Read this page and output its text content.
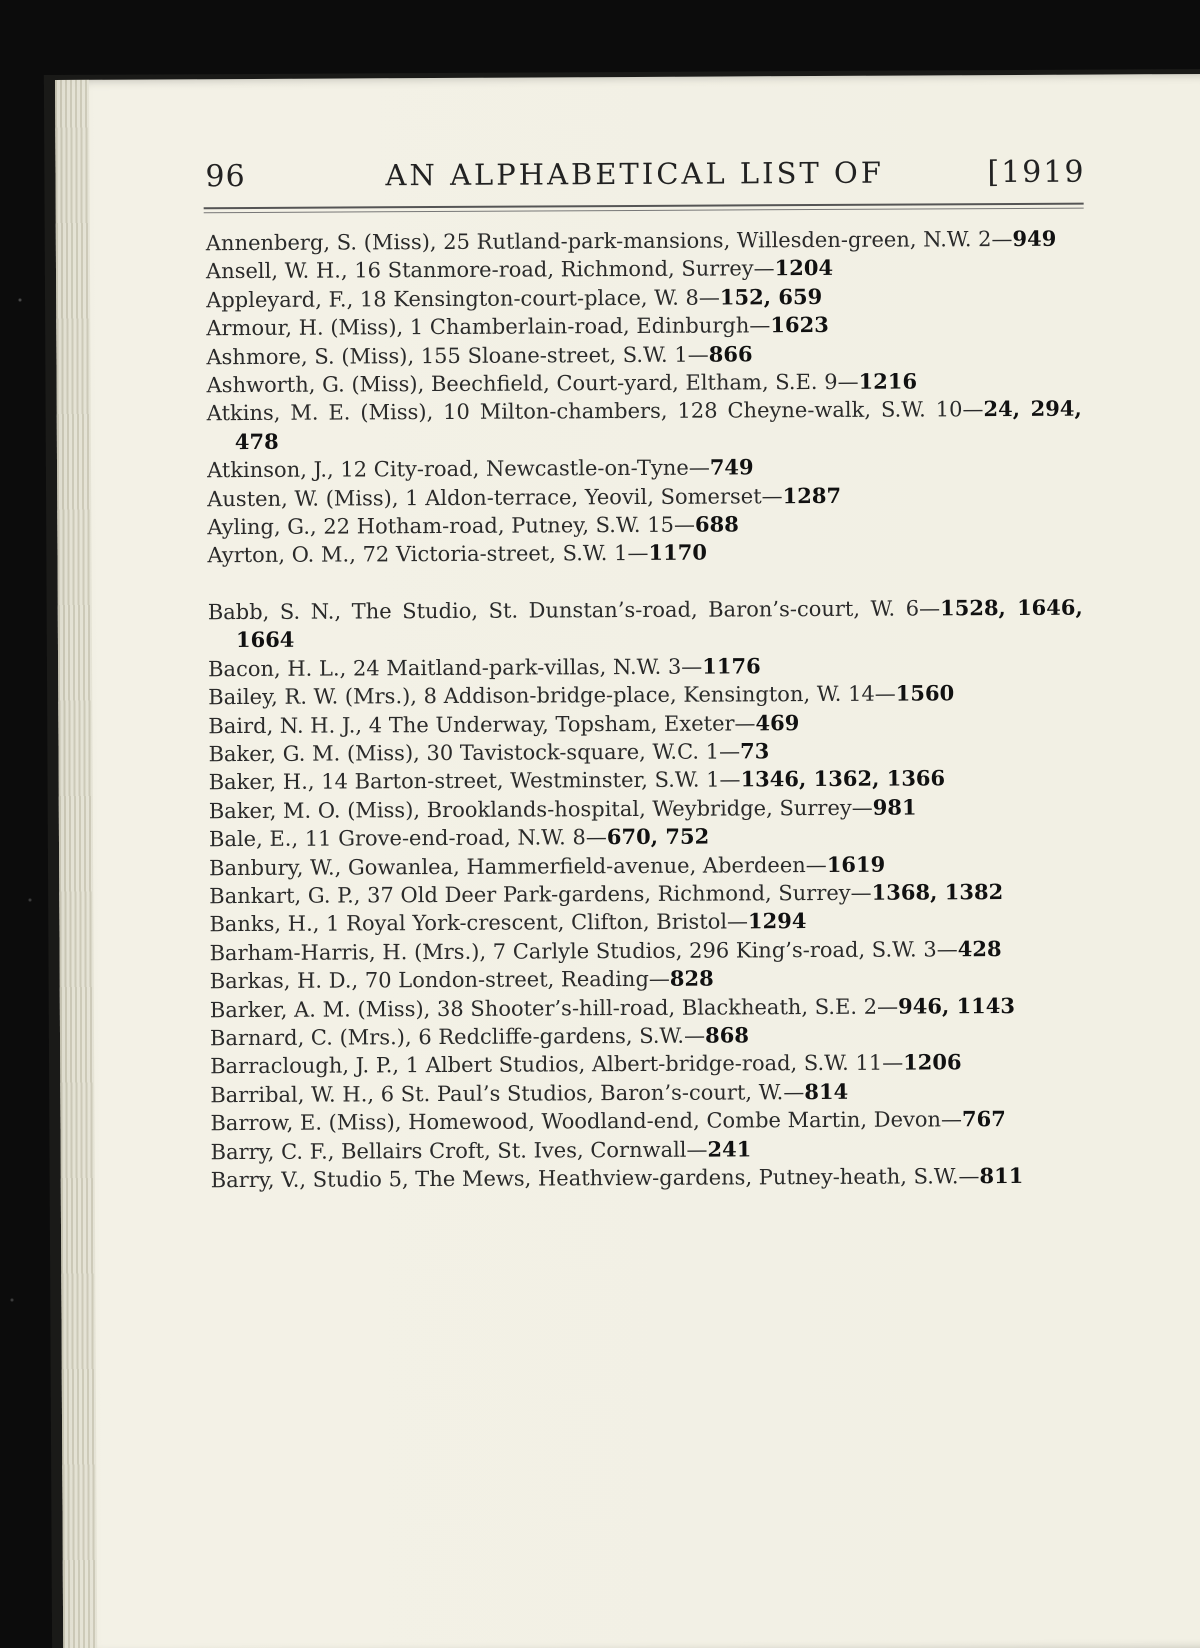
96	AN ALPHABETICAL LIST OF	[1919
Annenberg, S. (Miss), 25 Rutland-park-mansions, Willesden-green, N.W. 2—949
Ansell, W. H., 16 Stanmore-road, Richmond, Surrey—1204
Appleyard, F., 18 Kensington-court-place, W. 8—152, 659
Armour, H. (Miss), 1 Chamberlain-road, Edinburgh—1623
Ashmore, S. (Miss), 155 Sloane-street, S.W. 1—866
Ashworth, G. (Miss), Beechfield, Court-yard, Eltham, S.E. 9—1216
Atkins, M. E. (Miss), 10 Milton-chambers, 128 Cheyne-walk, S.W. 10—24, 294, 478
Atkinson, J., 12 City-road, Newcastle-on-Tyne—749
Austen, W. (Miss), 1 Aldon-terrace, Yeovil, Somerset—1287
Ayling, G., 22 Hotham-road, Putney, S.W. 15—688
Ayrton, O. M., 72 Victoria-street, S.W. 1—1170
Babb, S. N., The Studio, St. Dunstan’s-road, Baron’s-court, W. 6—1528, 1646, 1664
Bacon, H. L., 24 Maitland-park-villas, N.W. 3—1176
Bailey, R. W. (Mrs.), 8 Addison-bridge-place, Kensington, W. 14—1560
Baird, N. H. J., 4 The Underway, Topsham, Exeter—469
Baker, G. M. (Miss), 30 Tavistock-square, W.C. 1—73
Baker, H., 14 Barton-street, Westminster, S.W. 1—1346, 1362, 1366
Baker, M. O. (Miss), Brooklands-hospital, Weybridge, Surrey—981
Bale, E., 11 Grove-end-road, N.W. 8—670, 752
Banbury, W., Gowanlea, Hammerfield-avenue, Aberdeen—1619
Bankart, G. P., 37 Old Deer Park-gardens, Richmond, Surrey—1368, 1382
Banks, H., 1 Royal York-crescent, Clifton, Bristol—1294
Barham-Harris, H. (Mrs.), 7 Carlyle Studios, 296 King’s-road, S.W. 3—428
Barkas, H. D., 70 London-street, Reading—828
Barker, A. M. (Miss), 38 Shooter’s-hill-road, Blackheath, S.E. 2—946, 1143
Barnard, C. (Mrs.), 6 Redcliffe-gardens, S.W.—868
Barraclough, J. P., 1 Albert Studios, Albert-bridge-road, S.W. 11—1206
Barribal, W. H., 6 St. Paul’s Studios, Baron’s-court, W.—814
Barrow, E. (Miss), Homewood, Woodland-end, Combe Martin, Devon—767
Barry, C. F., Bellairs Croft, St. Ives, Cornwall—241
Barry, V., Studio 5, The Mews, Heathview-gardens, Putney-heath, S.W.—811
